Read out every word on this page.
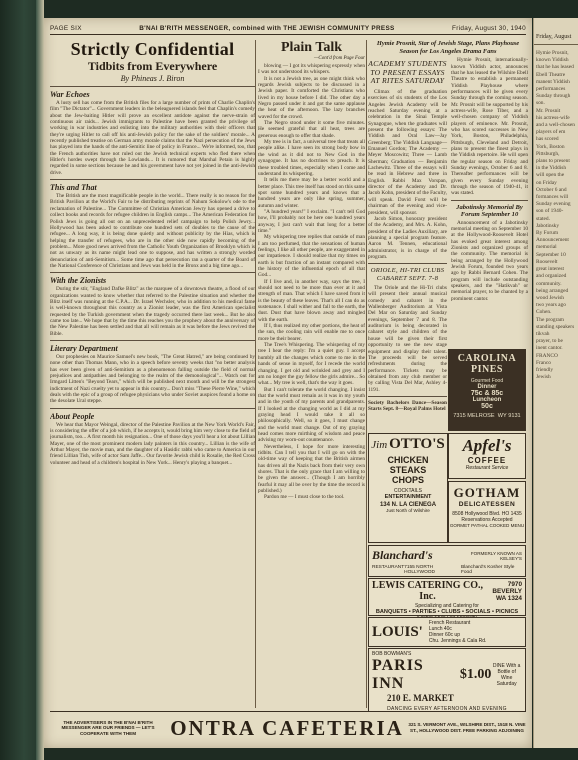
PAGE SIX	B'NAI B'RITH MESSENGER, combined with THE JEWISH COMMUNITY PRESS	Friday, August 30, 1940
Strictly Confidential
Tidbits from Everywhere
By Phineas J. Biron
War Echoes

A lusty sell has come from the British files for a large number of prints of Charlie Chaplin's film "The Dictator"... Government leaders in the beleaguered islands feel that Chaplin's comedy about the Jew-baiting Hitler will prove an excellent antidote against the nerve-strain of continuous air raids... Jewish immigrants to Palestine have been granted the privilege of working in war industries and enlisting into the military authorities with their officers that they're urging Hitler to call off his anti-Jewish policy for the sake of the soldiers' morale... A recently published treatise on German army morale claims that the Nazi persecution of the Jews has played into the hands of the anti-Semitic line of policy in France... We're informed, too, that the French authorities have not ruled out the Jewish technical experts who fled there when Hitler's hordes swept through the Lowlands... It is rumored that Marshal Petain is highly regarded in some sections because he and his government have not yet joined in the anti-Jewish drive.

This and That

The British are the most magnificable people in the world... There really is no reason for the British Pavilion at the World's Fair to be distributing reprints of Nahum Sokolow's ode to the reclamation of Palestine... The Committee of Christian American Jewry has opened a drive to collect books and records for refugee children in English camps... The American Federation for Polish Jews is going all out on an unprecedented relief campaign to help Polish Jewry... Hollywood has been asked to contribute one hundred sets of doubles to the cause of the refugee... A long way, it is being done quietly and without publicity by the Hias, which is helping the transfer of refugees, who are in the other side now rapidly becoming of the problem... More good news arrived from the Catholic Youth Organization of Brooklyn which is not as unwary as its name might lead one to suppose, and has written a strongly worded denunciation of anti-Semitism... Some time ago that persecution ran a quarter of the Board of the National Conference of Christians and Jews was held in the Bronx and a big time ago...

With the Zionists

During the stir, "England Dafke Blitz" as the marquee of a downtown theatre, a flood of our organizations wanted to know whether that referred to the Palestine situation and whether the Blitz itself was running at the C.P.A... Dr. Israel Wechsler, who in addition to his medical fame is well-known throughout this country as a Zionist leader, was the first American specialist requested by the Turkish government when the tragedy occurred there last week... But he also came too late... We hope that by the time this reaches you the prophecy about the anniversary of the New Palestine has been settled and that all will remain as it was before the Jews revived the Bible.

Literary Department

Our prophesies on Maurice Samuel's new book, "The Great Hatred," are being continued by none other than Thomas Mann, who in a speech before seventy weeks that "no better analysis has ever been given of anti-Semitism as a phenomenon falling outside the field of normal prejudices and antipathies and belonging to the realm of the demonological"... Watch out for Irmgard Litten's "Beyond Tears," which will be published next month and will be the strongest indictment of Nazi cruelty yet to appear in this country... Don't miss "These Pierre Wine," which deals with the epic of a group of refugee physicians who under Soviet auspices found a home on the desolate Ural steppe.

About People

We hear that Mayor Weingal, director of the Palestine Pavilion at the New York World's Fair, is considering the offer of a job which, if he accepts it, would bring him very close to the field of journalism, too... A first month his resignation... One of those days you'll hear a lot about Lillian Mayer, one of the most prominent modern lady painters in this country... Lillian is the wife of Arthur Mayer, the movie man, and the daughter of a Hasidic rabbi who came to America in our friend Lillian Tish, wife of actor Sam Jaffe... Our favorite Jewish child is Rosalie, the Red Cross volunteer and head of a children's hospital in New York... Henry's playing a banquet...

Plain Talk
—Cont'd from Page Four

blowing — I got its whispering expressly when I was not understood its whispers.

It is not a Jewish tree, as one might think who regards Jewish subjects to be discussed in a Jewish paper. It comforted the Christians who lived in my house before I did. The other day a Negro passed under it and got the same applause the heat of the afternoon. The lazy branches waved for the crowd.

The Negro stood under it some five minutes. He seemed grateful that all heat, trees are generous enough to offer that shade.

My tree is in fact, a universal tree that treats all people alike. I have seen its strong body bow in the wind as it did not to New God in the synagogue. It has no doctrines to preach. It is these troubled times, especially when I come and understand its whispering.

It tells me there may be a better world and a better place. This tree itself has stood on this same spot some hundred years and knows that a hundred years are only like spring, summer, autumn and winter.

"A hundred years!" I exclaim. "I can't tell God how, I'll probably not be here one hundred years anyway, I just can't wait that long for a better time."

My whispering tree replies that outside of man I am too perfumed, that the sensations of human feelings, I like all other people, are exaggerated in our impatience. I should realize that my times on earth is but fraction of an instant compared with the history of the influential epoch of all that God...

If I live and, in another way, says the tree, I should not need to be more than ever at it and strength of man. That which I have saved from it is the beauty of these leaves. That's all I can do as sustenance. I shall wither and fall to the earth, the dust. Dust that have blown away and mingled with the earth.

If I, thus realized my other portions, the heat of the sun, the cooling rain will enable me to once more be their bearer.

The Tree's Whispering. The whispering of my tree I hear the reply: I'm a quiet guy. I accept humbly all the changes which come to me in the hands of sense in myself, for I recede the world changing. I get old and wrinkled and grey and I am no longer the guy fellow the girls admire... So what... My tree is well, that's the way it goes.

But I can't tolerate the world changing. I insist that the world must remain as it was in my youth and in the youth of my parents and grandparents. If I looked at the changing world as I did at my graying head I would take it all so philosophically. Well, so it goes, I must change and the world must change. Out of my graying head comes more mirthing of wisdom and peace advising my worn-out countenance.

Nevertheless, I hope for more interesting tidbits. Can I tell you that I will go on with the old-time way of keeping that the British airmen has driven all the Nazis back from their very own shores. That is the only grace that I am willing to be given the answer... (Though I am horribly fearful it may all be over by the time the record is published.)

Pardon me — I must close to the tool.

Hymie Prosnit, Star of Jewish Stage, Plans Playhouse Season for Los Angeles Drama Fans
ACADEMY STUDENTS TO PRESENT ESSAYS AT RITES SATURDAY

Climax of the graduation exercises of six students of the Los Angeles Jewish Academy will be reached Saturday evening at a celebration in the Sinai Temple Synagogue, when the graduates will present the following essays: The Yiddish and Oral Law—Jay Greenberg; The Yiddish Language—Emanuel Gordon; The Academy — Meyer Moscowitz; Three — Lamb Sherman; Graduation — Benjamin Lachewitz. Three of the essays will be read in Hebrew and three in English. Rabbi Max Vorspan, director of the Academy and Dr. Jacob Kohn, president of the Faculty, will speak. David Forst will be chairman of the evening and vice-president, will sponsor.

Jacob Simon, honorary president of the Academy, and Mrs. A. Kohn, president of the Ladies Auxiliary, are planning a special program feature. Aaron M. Tennen, educational administrator, is in charge of the program.

ORIOLE, HI-TRI CLUBS CABARET SEPT. 7-8

The Oriole and the Hi-Tri clubs will present their annual musical comedy and cabaret in the Wallenberger Auditorium at Vista Del Mar on Saturday and Sunday evenings, September 7 and 8. The auditorium is being decorated in cabaret style and children of the house will be given their first opportunity to see the new stage equipment and display their talent. The proceeds will be served refreshments during the performance. Tickets may be obtained from any club member or by calling Vista Del Mar, Ashley 4-1191.

Society Bachelors Dance—Season Starts Sept. 8—Royal Palms Hotel

Hymie Prosnit, internationally-known Yiddish actor, announces that he has leased the Wilshire Ebell Theatre to establish a permanent Yiddish Playhouse where performances will be given every Sunday through the coming season. Mr. Prosnit will be supported by his actress-wife, Rose Tiber, and a well-chosen company of Yiddish players of eminence. Mr. Prosnit, who has scored successes in New York, Boston, Philadelphia, Pittsburgh, Cleveland and Detroit, plans to present the finest plays in the Yiddish repertoire. He will open the regular season on Friday and Sunday evenings, October 6 and 8. Thereafter performances will be given every Sunday evening through the season of 1940-41, it was stated.

Jabotinsky Memorial By Forum September 10

Announcement of a Jabotinsky memorial meeting on September 10 at the Hollywood-Roosevelt Hotel has evoked great interest among Zionists and organized groups of the community. The memorial is being arranged by the Hollywood Jewish Forum, founded two years ago by Rabbi Bernard Cohen. The program will include outstanding speakers, and the "Hatikvah" or memorial prayer, to be chanted by a prominent cantor.

CAROLINA PINES
Gourmet Food
Dinner
75c & 85c
Luncheon
50c
7315 MELROSE WY 9131
Jim OTTO'S
CHICKEN
STEAKS
CHOPS
COCKTAILS
ENTERTAINMENT
134 N. LA CIENEGA
Just North of Wilshire
Apfel's
COFFEE
Restaurant Service
GOTHAM
DELICATESSEN
8508 Hollywood Blvd. HO 1435
Reservations Accepted
GORMET PATHAL COOKED MENU
Blanchard's	FORMERLY KNOWN AS KELSEY'S
RESTAURANT 7155 NORTH HOLLYWOOD
Blanchard's Kosher Style Food
LEWIS CATERING CO., Inc.
7970 BEVERLY
WA 1324
Specializing and Catering for
BANQUETS • PARTIES • CLUBS • SOCIALS • PICNICS
LOUIS'
French Restaurant
Lunch 40c
Dinner 60c up
Chu. Jennings & Cala Rd.
BOB BOWMAN'S
PARIS INN
$1.00
DINE With a
Bottle of Wine
Saturday
210 E. MARKET
DANCING EVERY AFTERNOON AND EVENING
THE ADVERTISERS IN THE B'NAI B'RITH MESSENGER ARE OUR FRIENDS — LET'S COOPERATE WITH THEM	ONTRA CAFETERIA 321 S. VERMONT AVE., WILSHIRE DIST., 1518 N. VINE ST., HOLLYWOOD DIST. FREE PARKING ADJOINING
Friday, August
Hymie Prosnit,
known Yiddish
that he has leased
Ebell Theatre
manent Yiddish
performances
Sunday through
son.
Mr. Prosnit
his actress-wife
and a well-chosen
players of em
has scored
York, Boston
Pittsburgh,
plans to present
in the Yiddish
will open the
on Friday
October 6 and
formances will
Sunday evening
son of 1940-
stated.
Jabotinsky
By Forum
Announcement
memorial
September 10
Roosevelt
great interest
and organized
community.
being arranged
wood Jewish
two years ago
Cohen.
The program
standing speakers
tikvah
prayer, to be
inent cantor.
FRANCO
Franco
friendly
Jewish
